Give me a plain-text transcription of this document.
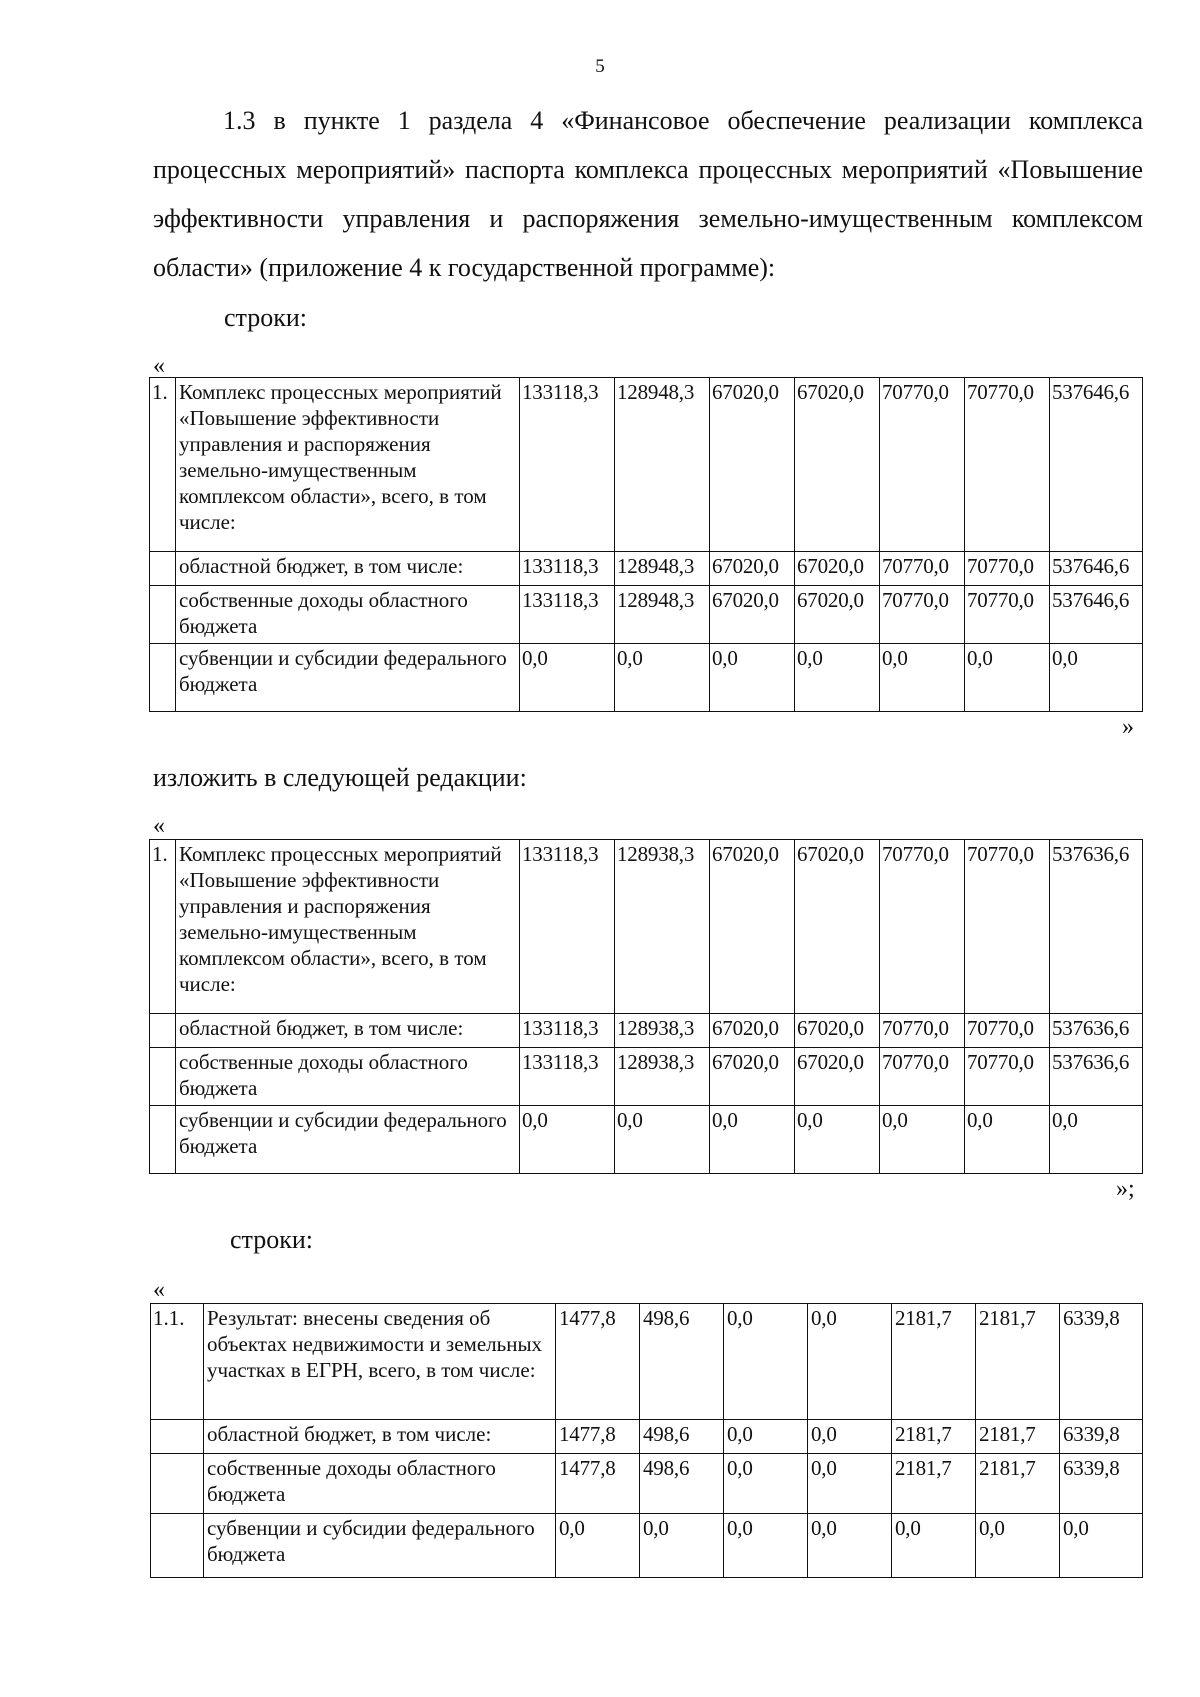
5

1.3 в пункте 1 раздела 4 «Финансовое обеспечение реализации комплекса процессных мероприятий» паспорта комплекса процессных мероприятий «Повышение эффективности управления и распоряжения земельно-имущественным комплексом области» (приложение 4 к государственной программе):

строки:

«
1.	Комплекс процессных мероприятий «Повышение эффективности управления и распоряжения земельно-имущественным комплексом области», всего, в том числе:	133118,3	128948,3	67020,0	67020,0	70770,0	70770,0	537646,6
	областной бюджет, в том числе:	133118,3	128948,3	67020,0	67020,0	70770,0	70770,0	537646,6
	собственные доходы областного бюджета	133118,3	128948,3	67020,0	67020,0	70770,0	70770,0	537646,6
	субвенции и субсидии федерального бюджета	0,0	0,0	0,0	0,0	0,0	0,0	0,0
»

изложить в следующей редакции:

«
1.	Комплекс процессных мероприятий «Повышение эффективности управления и распоряжения земельно-имущественным комплексом области», всего, в том числе:	133118,3	128938,3	67020,0	67020,0	70770,0	70770,0	537636,6
	областной бюджет, в том числе:	133118,3	128938,3	67020,0	67020,0	70770,0	70770,0	537636,6
	собственные доходы областного бюджета	133118,3	128938,3	67020,0	67020,0	70770,0	70770,0	537636,6
	субвенции и субсидии федерального бюджета	0,0	0,0	0,0	0,0	0,0	0,0	0,0
»;

строки:

«
1.1.	Результат: внесены сведения об объектах недвижимости и земельных участках в ЕГРН, всего, в том числе:	1477,8	498,6	0,0	0,0	2181,7	2181,7	6339,8
	областной бюджет, в том числе:	1477,8	498,6	0,0	0,0	2181,7	2181,7	6339,8
	собственные доходы областного бюджета	1477,8	498,6	0,0	0,0	2181,7	2181,7	6339,8
	субвенции и субсидии федерального бюджета	0,0	0,0	0,0	0,0	0,0	0,0	0,0
